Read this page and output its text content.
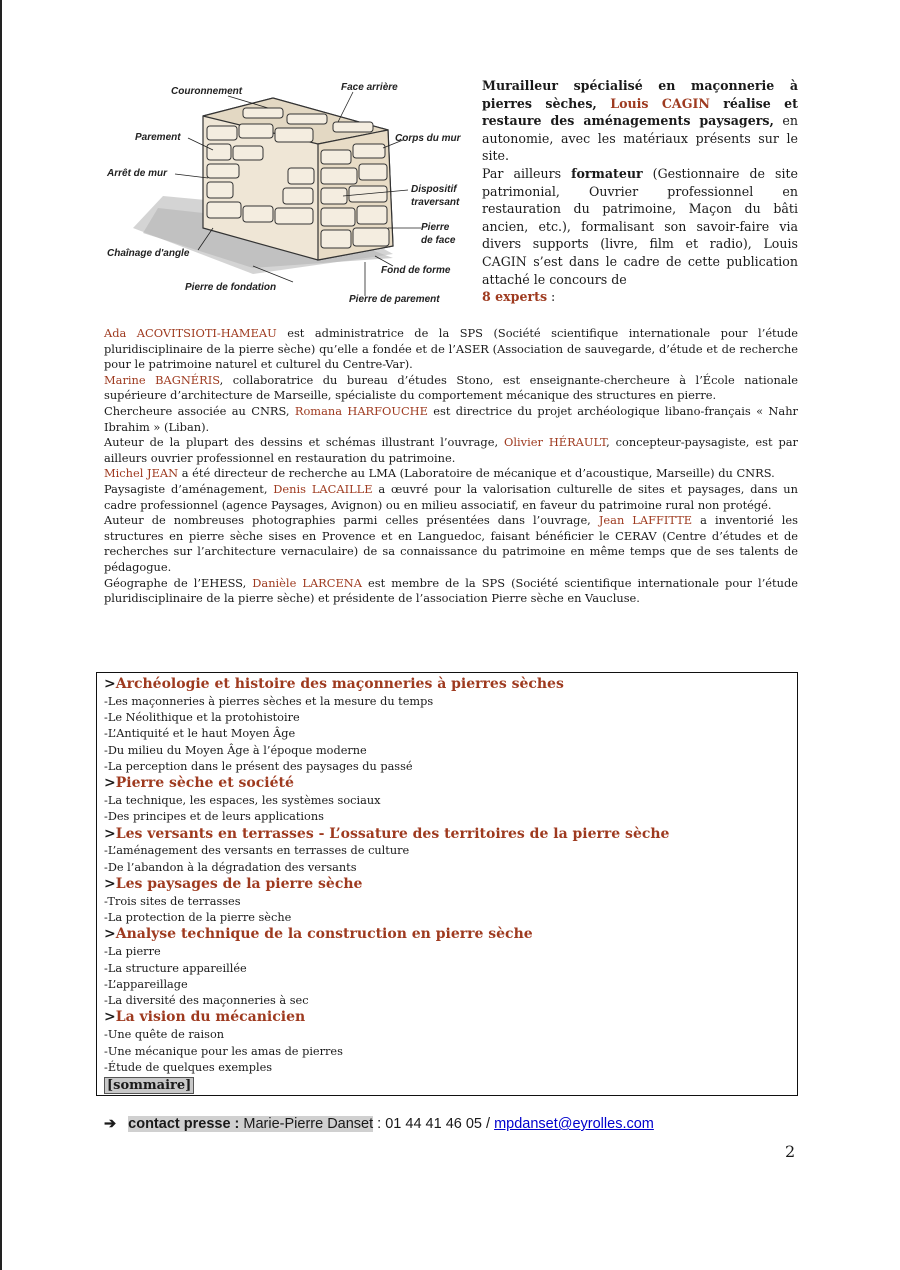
Couronnement	Face arrière
Parement	Corps du mur
Arrêt de mur
Dispositif
traversant
Pierre
de face
Chaînage d'angle
Fond de forme
Pierre de fondation
Pierre de parement
Murailleur spécialisé en maçonnerie à pierres sèches, Louis CAGIN réalise et restaure des aménagements paysagers, en autonomie, avec les matériaux présents sur le site.
Par ailleurs formateur (Gestionnaire de site patrimonial, Ouvrier professionnel en restauration du patrimoine, Maçon du bâti ancien, etc.), formalisant son savoir-faire via divers supports (livre, film et radio), Louis CAGIN s’est dans le cadre de cette publication attaché le concours de
8 experts :

Ada ACOVITSIOTI-HAMEAU est administratrice de la SPS (Société scientifique internationale pour l’étude pluridisciplinaire de la pierre sèche) qu’elle a fondée et de l’ASER (Association de sauvegarde, d’étude et de recherche pour le patrimoine naturel et culturel du Centre-Var).

Marine BAGNÉRIS, collaboratrice du bureau d’études Stono, est enseignante-chercheure à l’École nationale supérieure d’architecture de Marseille, spécialiste du comportement mécanique des structures en pierre.

Chercheure associée au CNRS, Romana HARFOUCHE est directrice du projet archéologique libano-français « Nahr Ibrahim » (Liban).

Auteur de la plupart des dessins et schémas illustrant l’ouvrage, Olivier HÉRAULT, concepteur-paysagiste, est par ailleurs ouvrier professionnel en restauration du patrimoine.

Michel JEAN a été directeur de recherche au LMA (Laboratoire de mécanique et d’acoustique, Marseille) du CNRS.

Paysagiste d’aménagement, Denis LACAILLE a œuvré pour la valorisation culturelle de sites et paysages, dans un cadre professionnel (agence Paysages, Avignon) ou en milieu associatif, en faveur du patrimoine rural non protégé.

Auteur de nombreuses photographies parmi celles présentées dans l’ouvrage, Jean LAFFITTE a inventorié les structures en pierre sèche sises en Provence et en Languedoc, faisant bénéficier le CERAV (Centre d’études et de recherches sur l’architecture vernaculaire) de sa connaissance du patrimoine en même temps que de ses talents de pédagogue.

Géographe de l’EHESS, Danièle LARCENA est membre de la SPS (Société scientifique internationale pour l’étude pluridisciplinaire de la pierre sèche) et présidente de l’association Pierre sèche en Vaucluse.

>Archéologie et histoire des maçonneries à pierres sèches
-Les maçonneries à pierres sèches et la mesure du temps
-Le Néolithique et la protohistoire
-L’Antiquité et le haut Moyen Âge
-Du milieu du Moyen Âge à l’époque moderne
-La perception dans le présent des paysages du passé
>Pierre sèche et société
-La technique, les espaces, les systèmes sociaux
-Des principes et de leurs applications
>Les versants en terrasses - L’ossature des territoires de la pierre sèche
-L’aménagement des versants en terrasses de culture
-De l’abandon à la dégradation des versants
>Les paysages de la pierre sèche
-Trois sites de terrasses
-La protection de la pierre sèche
>Analyse technique de la construction en pierre sèche
-La pierre
-La structure appareillée
-L’appareillage
-La diversité des maçonneries à sec
>La vision du mécanicien
-Une quête de raison
-Une mécanique pour les amas de pierres
-Étude de quelques exemples
[sommaire]
➔ contact presse : Marie-Pierre Danset : 01 44 41 46 05 / mpdanset@eyrolles.com
2
